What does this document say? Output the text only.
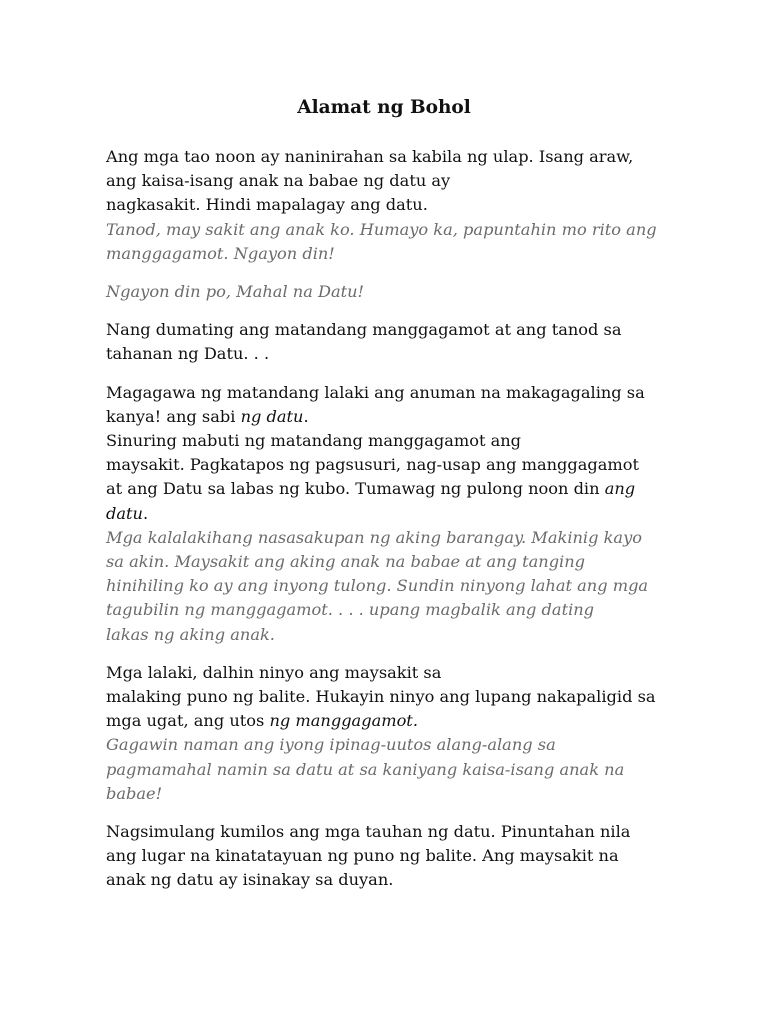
Alamat ng Bohol

Ang mga tao noon ay naninirahan sa kabila ng ulap. Isang araw,
ang kaisa-isang anak na babae ng datu ay
nagkasakit. Hindi mapalagay ang datu.
Tanod, may sakit ang anak ko. Humayo ka, papuntahin mo rito ang
manggagamot. Ngayon din!

Ngayon din po, Mahal na Datu!

Nang dumating ang matandang manggagamot at ang tanod sa
tahanan ng Datu. . .

Magagawa ng matandang lalaki ang anuman na makagagaling sa
kanya! ang sabi ng datu.
Sinuring mabuti ng matandang manggagamot ang
maysakit. Pagkatapos ng pagsusuri, nag-usap ang manggagamot
at ang Datu sa labas ng kubo. Tumawag ng pulong noon din ang
datu.
Mga kalalakihang nasasakupan ng aking barangay. Makinig kayo
sa akin. Maysakit ang aking anak na babae at ang tanging
hinihiling ko ay ang inyong tulong. Sundin ninyong lahat ang mga
tagubilin ng manggagamot. . . . upang magbalik ang dating
lakas ng aking anak.

Mga lalaki, dalhin ninyo ang maysakit sa
malaking puno ng balite. Hukayin ninyo ang lupang nakapaligid sa
mga ugat, ang utos ng manggagamot.
Gagawin naman ang iyong ipinag-uutos alang-alang sa
pagmamahal namin sa datu at sa kaniyang kaisa-isang anak na
babae!

Nagsimulang kumilos ang mga tauhan ng datu. Pinuntahan nila
ang lugar na kinatatayuan ng puno ng balite. Ang maysakit na
anak ng datu ay isinakay sa duyan.
